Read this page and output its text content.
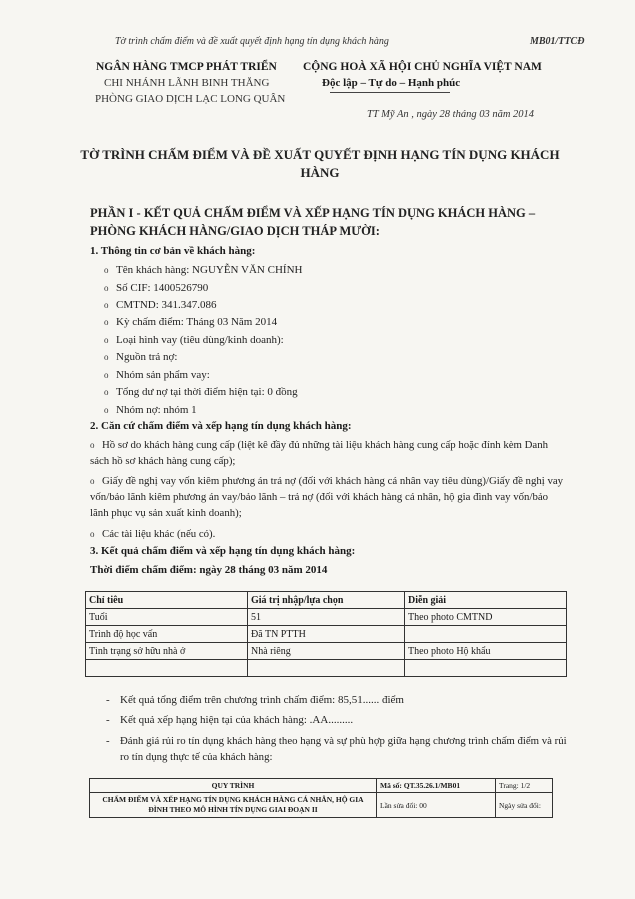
Tờ trình chấm điểm và đề xuất quyết định hạng tín dụng khách hàng	MB01/TTCĐ
NGÂN HÀNG TMCP PHÁT TRIỂN
CHI NHÁNH LÃNH BINH THĂNG
PHÒNG GIAO DỊCH LẠC LONG QUÂN
CỘNG HOÀ XÃ HỘI CHỦ NGHĨA VIỆT NAM
Độc lập – Tự do – Hạnh phúc
TT Mỹ An , ngày 28 tháng 03 năm 2014
TỜ TRÌNH CHẤM ĐIỂM VÀ ĐỀ XUẤT QUYẾT ĐỊNH HẠNG TÍN DỤNG KHÁCH HÀNG
PHẦN I - KẾT QUẢ CHẤM ĐIỂM VÀ XẾP HẠNG TÍN DỤNG KHÁCH HÀNG – PHÒNG KHÁCH HÀNG/GIAO DỊCH THÁP MƯỜI:
1. Thông tin cơ bản về khách hàng:
o Tên khách hàng: NGUYỄN VĂN CHÍNH
o Số CIF: 1400526790
o CMTND: 341.347.086
o Kỳ chấm điểm: Tháng 03 Năm 2014
o Loại hình vay (tiêu dùng/kinh doanh):
o Nguồn trả nợ:
o Nhóm sản phẩm vay:
o Tổng dư nợ tại thời điểm hiện tại: 0 đồng
o Nhóm nợ: nhóm 1
2. Căn cứ chấm điểm và xếp hạng tín dụng khách hàng:
o Hồ sơ do khách hàng cung cấp (liệt kê đầy đủ những tài liệu khách hàng cung cấp hoặc đính kèm Danh sách hồ sơ khách hàng cung cấp);
o Giấy đề nghị vay vốn kiêm phương án trả nợ (đối với khách hàng cá nhân vay tiêu dùng)/Giấy đề nghị vay vốn/bảo lãnh kiêm phương án vay/bảo lãnh – trả nợ (đối với khách hàng cá nhân, hộ gia đình vay vốn/bảo lãnh phục vụ sản xuất kinh doanh);
o Các tài liệu khác (nếu có).
3. Kết quả chấm điểm và xếp hạng tín dụng khách hàng:
Thời điểm chấm điểm: ngày 28 tháng 03 năm 2014
Chỉ tiêu	Giá trị nhập/lựa chọn	Diễn giải
Tuổi	51	Theo photo CMTND
Trình độ học vấn	Đã TN PTTH	
Tình trạng sở hữu nhà ở	Nhà riêng	Theo photo Hộ khẩu

- Kết quả tổng điểm trên chương trình chấm điểm: 85,51...... điểm
- Kết quả xếp hạng hiện tại của khách hàng: .AA.........
- Đánh giá rủi ro tín dụng khách hàng theo hạng và sự phù hợp giữa hạng chương trình chấm điểm và rủi ro tín dụng thực tế của khách hàng:
QUY TRÌNH	Mã số: QT.35.26.1/MB01	Trang: 1/2
CHẤM ĐIỂM VÀ XẾP HẠNG TÍN DỤNG KHÁCH HÀNG CÁ NHÂN, HỘ GIA ĐÌNH THEO MÔ HÌNH TÍN DỤNG GIAI ĐOẠN II	Lần sửa đổi: 00	Ngày sửa đổi:
